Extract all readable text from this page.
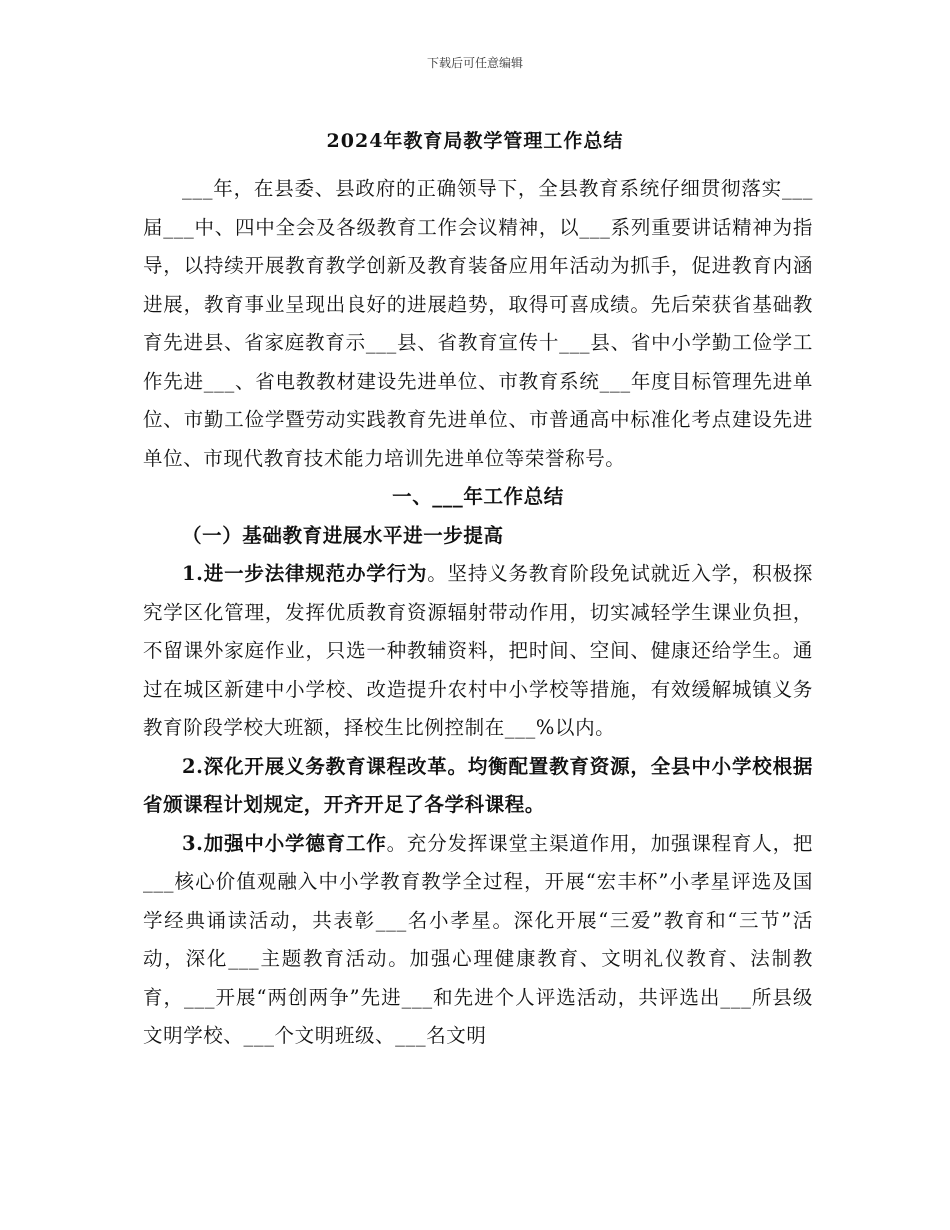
下载后可任意编辑
2024年教育局教学管理工作总结

___年，在县委、县政府的正确领导下，全县教育系统仔细贯彻落实___届___中、四中全会及各级教育工作会议精神，以___系列重要讲话精神为指导，以持续开展教育教学创新及教育装备应用年活动为抓手，促进教育内涵进展，教育事业呈现出良好的进展趋势，取得可喜成绩。先后荣获省基础教育先进县、省家庭教育示___县、省教育宣传十___县、省中小学勤工俭学工作先进___、省电教教材建设先进单位、市教育系统___年度目标管理先进单位、市勤工俭学暨劳动实践教育先进单位、市普通高中标准化考点建设先进单位、市现代教育技术能力培训先进单位等荣誉称号。

一、___年工作总结
（一）基础教育进展水平进一步提高

1.进一步法律规范办学行为。坚持义务教育阶段免试就近入学，积极探究学区化管理，发挥优质教育资源辐射带动作用，切实减轻学生课业负担，不留课外家庭作业，只选一种教辅资料，把时间、空间、健康还给学生。通过在城区新建中小学校、改造提升农村中小学校等措施，有效缓解城镇义务教育阶段学校大班额，择校生比例控制在___%以内。

2.深化开展义务教育课程改革。均衡配置教育资源，全县中小学校根据省颁课程计划规定，开齐开足了各学科课程。

3.加强中小学德育工作。充分发挥课堂主渠道作用，加强课程育人，把___核心价值观融入中小学教育教学全过程，开展“宏丰杯”小孝星评选及国学经典诵读活动，共表彰___名小孝星。深化开展“三爱”教育和“三节”活动，深化___主题教育活动。加强心理健康教育、文明礼仪教育、法制教育，___开展“两创两争”先进___和先进个人评选活动，共评选出___所县级文明学校、___个文明班级、___名文明
